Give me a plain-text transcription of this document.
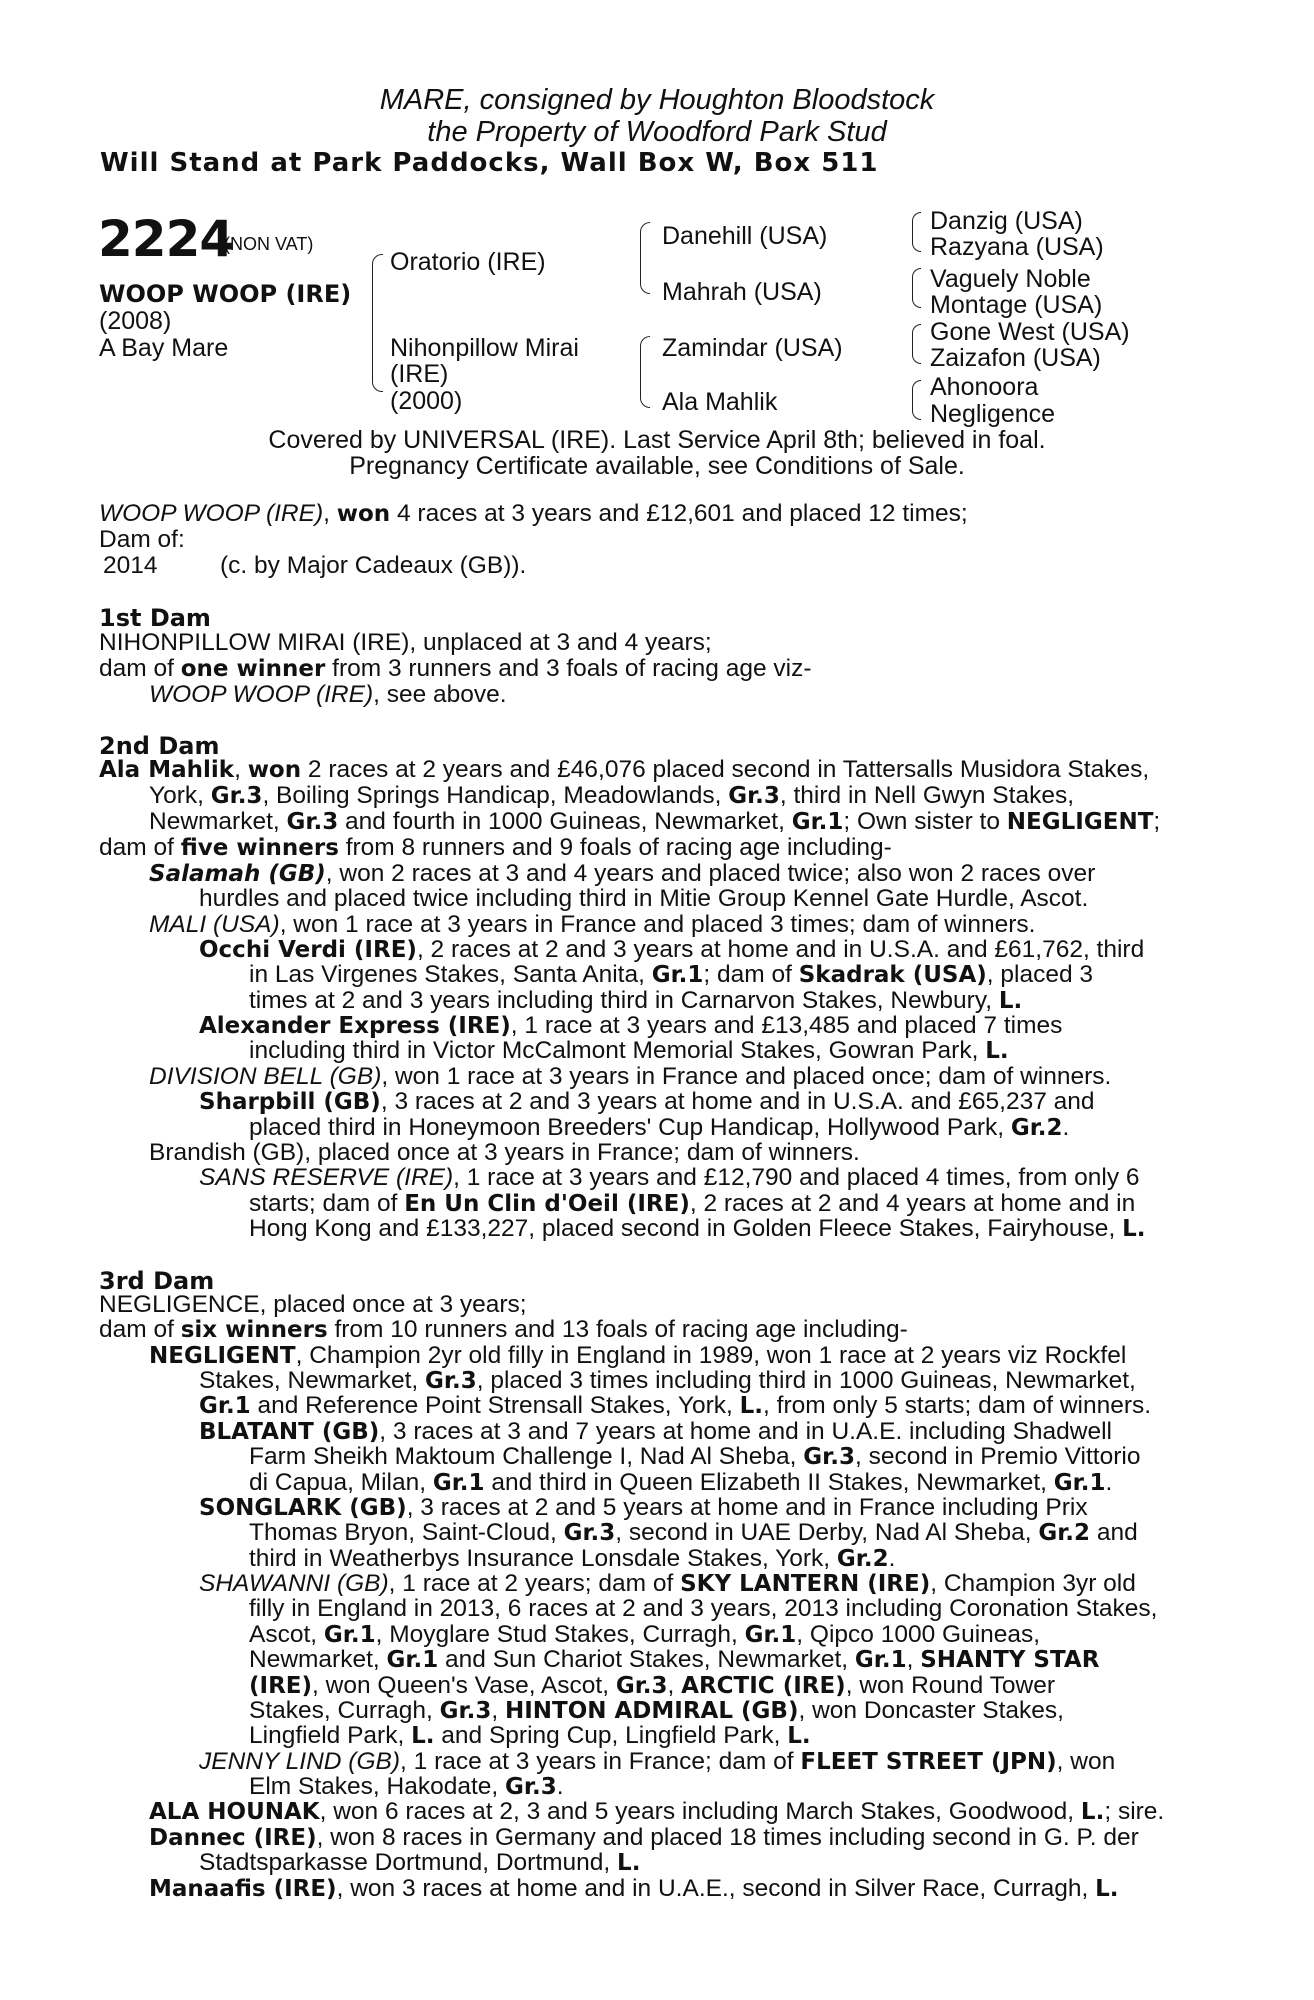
MARE, consigned by Houghton Bloodstock
the Property of Woodford Park Stud
Will Stand at Park Paddocks, Wall Box W, Box 511
2224
(NON VAT)
WOOP WOOP (IRE)
(2008)
A Bay Mare
Oratorio (IRE)
Nihonpillow Mirai
(IRE)
(2000)
Danehill (USA)
Mahrah (USA)
Zamindar (USA)
Ala Mahlik
Danzig (USA)
Razyana (USA)
Vaguely Noble
Montage (USA)
Gone West (USA)
Zaizafon (USA)
Ahonoora
Negligence
Covered by UNIVERSAL (IRE). Last Service April 8th; believed in foal.
Pregnancy Certificate available, see Conditions of Sale.
WOOP WOOP (IRE), won 4 races at 3 years and £12,601 and placed 12 times;
Dam of:
2014	(c. by Major Cadeaux (GB)).
1st Dam
NIHONPILLOW MIRAI (IRE), unplaced at 3 and 4 years;
dam of one winner from 3 runners and 3 foals of racing age viz-
WOOP WOOP (IRE), see above.
2nd Dam
Ala Mahlik, won 2 races at 2 years and £46,076 placed second in Tattersalls Musidora Stakes,
York, Gr.3, Boiling Springs Handicap, Meadowlands, Gr.3, third in Nell Gwyn Stakes,
Newmarket, Gr.3 and fourth in 1000 Guineas, Newmarket, Gr.1; Own sister to NEGLIGENT;
dam of five winners from 8 runners and 9 foals of racing age including-
Salamah (GB), won 2 races at 3 and 4 years and placed twice; also won 2 races over
hurdles and placed twice including third in Mitie Group Kennel Gate Hurdle, Ascot.
MALI (USA), won 1 race at 3 years in France and placed 3 times; dam of winners.
Occhi Verdi (IRE), 2 races at 2 and 3 years at home and in U.S.A. and £61,762, third
in Las Virgenes Stakes, Santa Anita, Gr.1; dam of Skadrak (USA), placed 3
times at 2 and 3 years including third in Carnarvon Stakes, Newbury, L.
Alexander Express (IRE), 1 race at 3 years and £13,485 and placed 7 times
including third in Victor McCalmont Memorial Stakes, Gowran Park, L.
DIVISION BELL (GB), won 1 race at 3 years in France and placed once; dam of winners.
Sharpbill (GB), 3 races at 2 and 3 years at home and in U.S.A. and £65,237 and
placed third in Honeymoon Breeders' Cup Handicap, Hollywood Park, Gr.2.
Brandish (GB), placed once at 3 years in France; dam of winners.
SANS RESERVE (IRE), 1 race at 3 years and £12,790 and placed 4 times, from only 6
starts; dam of En Un Clin d'Oeil (IRE), 2 races at 2 and 4 years at home and in
Hong Kong and £133,227, placed second in Golden Fleece Stakes, Fairyhouse, L.
3rd Dam
NEGLIGENCE, placed once at 3 years;
dam of six winners from 10 runners and 13 foals of racing age including-
NEGLIGENT, Champion 2yr old filly in England in 1989, won 1 race at 2 years viz Rockfel
Stakes, Newmarket, Gr.3, placed 3 times including third in 1000 Guineas, Newmarket,
Gr.1 and Reference Point Strensall Stakes, York, L., from only 5 starts; dam of winners.
BLATANT (GB), 3 races at 3 and 7 years at home and in U.A.E. including Shadwell
Farm Sheikh Maktoum Challenge I, Nad Al Sheba, Gr.3, second in Premio Vittorio
di Capua, Milan, Gr.1 and third in Queen Elizabeth II Stakes, Newmarket, Gr.1.
SONGLARK (GB), 3 races at 2 and 5 years at home and in France including Prix
Thomas Bryon, Saint-Cloud, Gr.3, second in UAE Derby, Nad Al Sheba, Gr.2 and
third in Weatherbys Insurance Lonsdale Stakes, York, Gr.2.
SHAWANNI (GB), 1 race at 2 years; dam of SKY LANTERN (IRE), Champion 3yr old
filly in England in 2013, 6 races at 2 and 3 years, 2013 including Coronation Stakes,
Ascot, Gr.1, Moyglare Stud Stakes, Curragh, Gr.1, Qipco 1000 Guineas,
Newmarket, Gr.1 and Sun Chariot Stakes, Newmarket, Gr.1, SHANTY STAR
(IRE), won Queen's Vase, Ascot, Gr.3, ARCTIC (IRE), won Round Tower
Stakes, Curragh, Gr.3, HINTON ADMIRAL (GB), won Doncaster Stakes,
Lingfield Park, L. and Spring Cup, Lingfield Park, L.
JENNY LIND (GB), 1 race at 3 years in France; dam of FLEET STREET (JPN), won
Elm Stakes, Hakodate, Gr.3.
ALA HOUNAK, won 6 races at 2, 3 and 5 years including March Stakes, Goodwood, L.; sire.
Dannec (IRE), won 8 races in Germany and placed 18 times including second in G. P. der
Stadtsparkasse Dortmund, Dortmund, L.
Manaafis (IRE), won 3 races at home and in U.A.E., second in Silver Race, Curragh, L.
